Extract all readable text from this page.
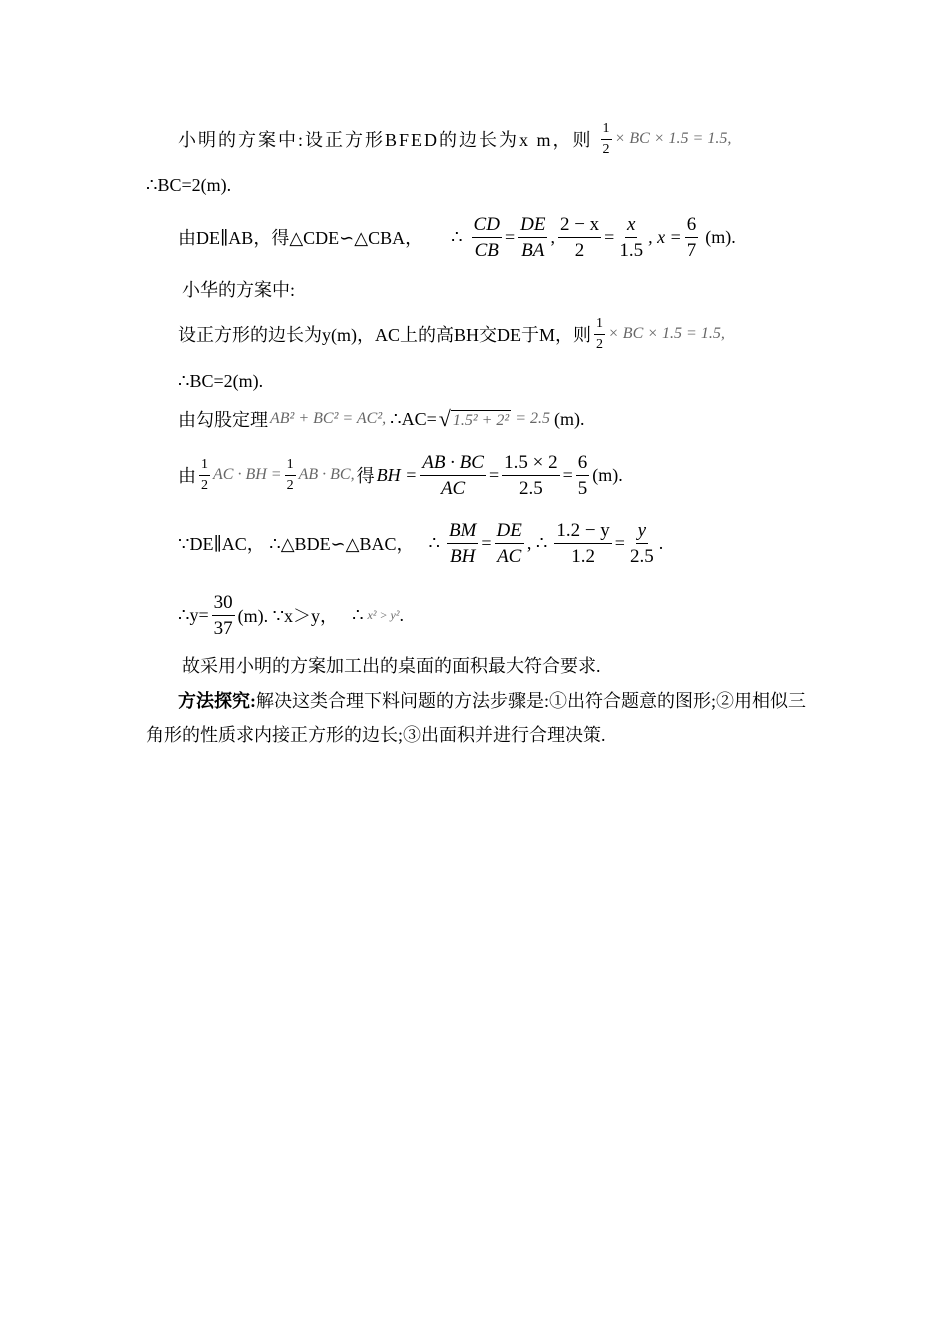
小明的方案中:设正方形BFED的边长为x m，则 $\frac{1}{2}$ × BC × 1.5 = 1.5,
∴BC=2(m).
由DE∥AB，得△CDE∽△CBA， ∴ $\frac{CD}{CB} = \frac{DE}{BA}$ , $\frac{2 - x}{2} = \frac{x}{1.5}$ , $x = \frac{6}{7} (m)$.
小华的方案中:
设正方形的边长为y(m)，AC上的高BH交DE于M，则 $\frac{1}{2}$ × BC × 1.5 = 1.5,
∴BC=2(m).
由勾股定理 AB² + BC² = AC², ∴AC= √ 1.5² + 2² = 2.5 (m).
由 $\frac{1}{2}$ AC · BH = $\frac{1}{2}$ AB · BC, 得 BH = $\frac{AB \cdot BC}{AC} = \frac{1.5 \times 2}{2.5} = \frac{6}{5} (m)$.
∵DE∥AC， ∴△BDE∽△BAC， ∴ $\frac{BM}{BH} = \frac{DE}{AC}$ , ∴ $\frac{1.2 - y}{1.2} = \frac{y}{2.5}$ .
∴y= $\frac{30}{37} (m)$. ∵x＞y， ∴ x² > y² .
故采用小明的方案加工出的桌面的面积最大符合要求.
方法探究:解决这类合理下料问题的方法步骤是:①出符合题意的图形;②用相似三角形的性质求内接正方形的边长;③出面积并进行合理决策.
